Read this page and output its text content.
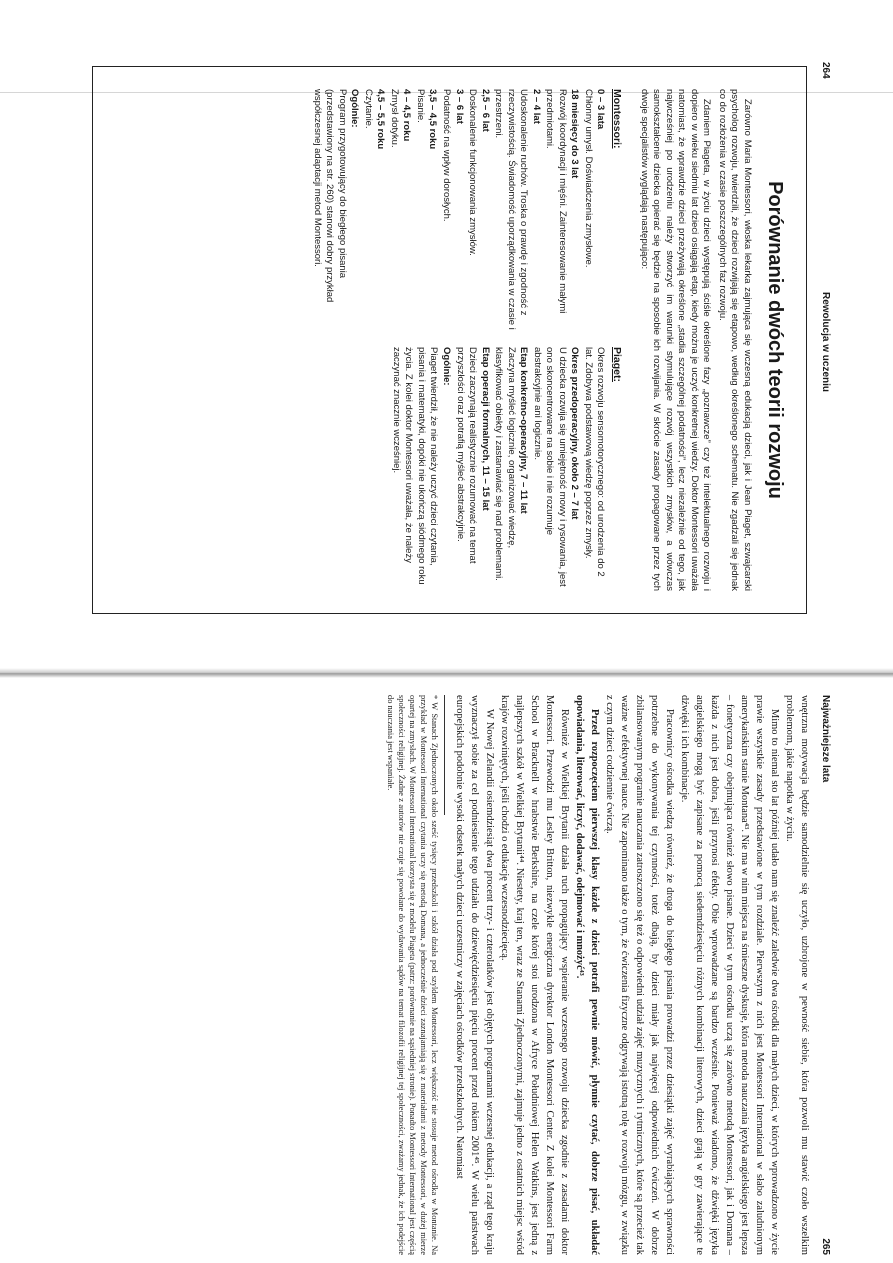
264
Rewolucja w uczeniu
Porównanie dwóch teorii rozwoju

Zarówno Maria Montessori, włoska lekarka zajmująca się wczesną edukacją dzieci, jak i Jean Piaget, szwajcarski psycholog rozwoju, twierdzili, że dzieci rozwijają się etapowo, według określonego schematu. Nie zgadzali się jednak co do rozłożenia w czasie poszczególnych faz rozwoju.

Zdaniem Piageta, w życiu dzieci występują ściśle określone fazy „poznawcze” czy też intelektualnego rozwoju i dopiero w wieku siedmiu lat dzieci osiągają etap, kiedy można je uczyć konkretnej wiedzy. Doktor Montessori uważała natomiast, że wprawdzie dzieci przeżywają określone „stadia szczególnej podatności”, lecz niezależnie od tego, jak najwcześniej po urodzeniu należy stworzyć im warunki stymulujące rozwój wszystkich zmysłów, a wówczas samokształcenie dziecka opierać się będzie na sposobie ich rozwijania. W skrócie zasady propagowane przez tych dwoje specjalistów wyglądają następująco:

Montessori:

0 – 3 lata
Chłonny umysł. Doświadczenia zmysłowe.

18 miesięcy do 3 lat
Rozwój koordynacji i mięśni. Zainteresowanie małymi przedmiotami.

2 – 4 lat
Udoskonalenie ruchów. Troska o prawdę i zgodność z rzeczywistością. Świadomość uporządkowania w czasie i przestrzeni.

2,5 – 6 lat
Doskonalenie funkcjonowania zmysłów.

3 – 6 lat
Podatność na wpływ dorosłych.

3,5 – 4,5 roku
Pisanie.

4 – 4,5 roku
Zmysł dotyku.

4,5 – 5,5 roku
Czytanie.

Ogólnie:
Program przygotowujący do biegłego pisania (przedstawiony na str. 260) stanowi dobry przykład współczesnej adaptacji metod Montessori.

Piaget:

Okres rozwoju sensomotorycznego: od urodzenia do 2 lat. Zdobywa podstawową wiedzę poprzez zmysły.

Okres przedoperacyjny, około 2 – 7 lat
U dziecka rozwija się umiejętność mowy i rysowania, jest ono skoncentrowane na sobie i nie rozumuje abstrakcyjnie ani logicznie.

Etap konkretno-operacyjny, 7 – 11 lat
Zaczyna myśleć logicznie, organizować wiedzę, klasyfikować obiekty i zastanawiać się nad problemami.

Etap operacji formalnych, 11 – 15 lat
Dzieci zaczynają realistycznie rozumować na temat przyszłości oraz potrafią myśleć abstrakcyjnie.

Ogólnie:
Piaget twierdził, że nie należy uczyć dzieci czytania, pisania i matematyki, dopóki nie ukończą siódmego roku życia. Z kolei doktor Montessori uważała, że należy zaczynać znacznie wcześniej.

Najważniejsze lata
265

wnętrzna motywacja będzie samodzielnie się uczyło, uzbrojone w pewność siebie, która pozwoli mu stawić czoło wszelkim problemom, jakie napotka w życiu.

Mimo to niemal sto lat później udało nam się znaleźć zaledwie dwa ośrodki dla małych dzieci, w których wprowadzono w życie prawie wszystkie zasady przedstawione w tym rozdziale. Pierwszym z nich jest Montessori International w słabo zaludnionym amerykańskim stanie Montana⁴³. Nie ma w nim miejsca na śmieszne dyskusje, która metoda nauczania języka angielskiego jest lepsza – fonetyczna czy obejmująca również słowo pisane. Dzieci w tym ośrodku uczą się zarówno metodą Montessori, jak i Domana – każda z nich jest dobra, jeśli przynosi efekty. Obie wprowadzane są bardzo wcześnie. Ponieważ wiadomo, że dźwięki języka angielskiego mogą być zapisane za pomocą siedemdziesięciu różnych kombinacji literowych, dzieci grają w gry zawierające te dźwięki i ich kombinacje.

Pracownicy ośrodka wiedzą również, że droga do biegłego pisania prowadzi przez dziesiątki zajęć wyrabiających sprawności potrzebne do wykonywania tej czynności, toteż dbają, by dzieci miały jak najwięcej odpowiednich ćwiczeń. W dobrze zbilansowanym programie nauczania zatroszczono się też o odpowiedni udział zajęć muzycznych i rytmicznych, które są przecież tak ważne w efektywnej nauce. Nie zapominano także o tym, że ćwiczenia fizyczne odgrywają istotną rolę w rozwoju mózgu, w związku z czym dzieci codziennie ćwiczą.

Przed rozpoczęciem pierwszej klasy każde z dzieci potrafi pewnie mówić, płynnie czytać, dobrze pisać, układać opowiadania, literować, liczyć, dodawać, odejmować i mnożyć⁴³.

Również w Wielkiej Brytanii działa ruch propagujący wspieranie wczesnego rozwoju dziecka zgodnie z zasadami doktor Montessori. Przewodzi mu Lesley Britton, niezwykle energiczna dyrektor London Montessori Center. Z kolei Montessori Farm School w Bracknell w hrabstwie Berkshire, na czele której stoi urodzona w Afryce Południowej Helen Watkins, jest jedną z najlepszych szkół w Wielkiej Brytanii⁴⁴. Niestety, kraj ten, wraz ze Stanami Zjednoczonymi, zajmuje jedno z ostatnich miejsc wśród krajów rozwiniętych, jeśli chodzi o edukację wczesnodziecięcą.

W Nowej Zelandii osiemdziesiąt dwa procent trzy- i czterolatków jest objętych programami wczesnej edukacji, a rząd tego kraju wyznaczył sobie za cel podniesienie tego udziału do dziewięćdziesięciu pięciu procent przed rokiem 2001⁴⁵. W wielu państwach europejskich podobnie wysoki odsetek małych dzieci uczestniczy w zajęciach ośrodków przedszkolnych. Natomiast

* W Stanach Zjednoczonych około sześć tysięcy przedszkoli i szkół działa pod szyldem Montessori, lecz większość nie stosuje metod ośrodka w Montanie. Na przykład w Montessori International czytania uczy się metodą Domana, a jednocześnie dzieci zaznajamiają się z materiałami z metody Montessori, w dużej mierze opartej na zmysłach. W Montessori International korzysta się z modelu Piageta (patrz: porównanie na sąsiedniej stronie). Ponadto Montessori International jest częścią społeczności religijnej. Żadne z autorów nie czuje się powołane do wydawania sądów na temat filozofii religijnej tej społeczności, zważamy jednak, że ich podejście do nauczania jest wspaniałe.
